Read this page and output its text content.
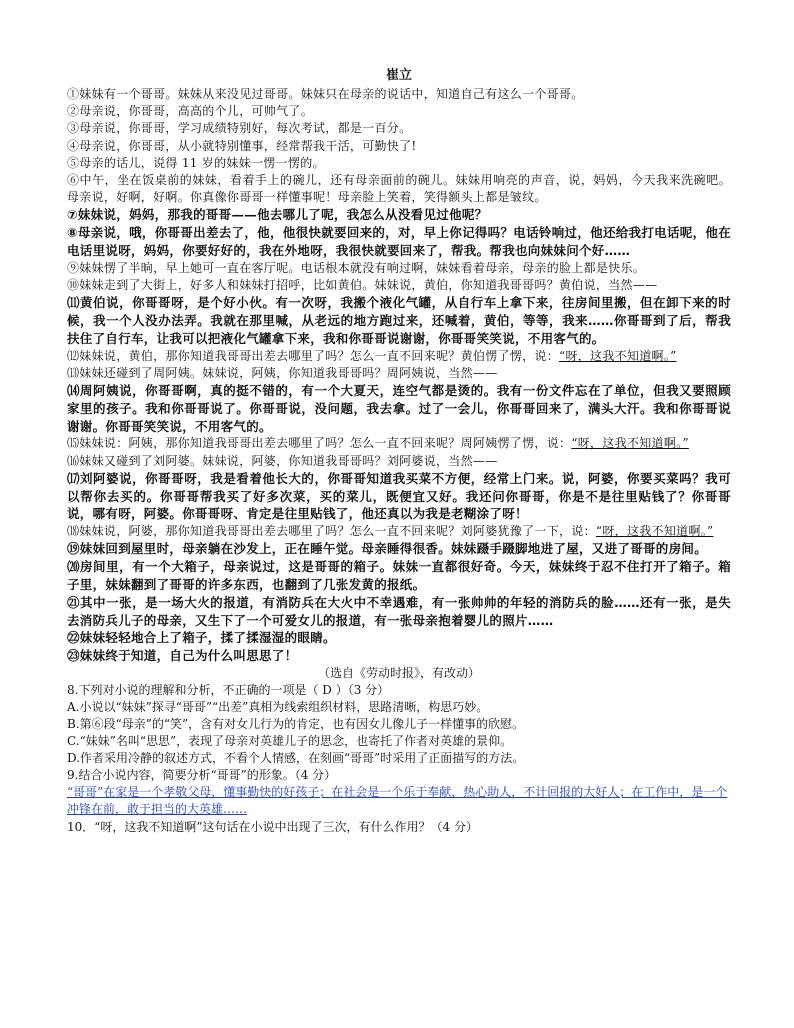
崔立
①妹妹有一个哥哥。妹妹从来没见过哥哥。妹妹只在母亲的说话中，知道自己有这么一个哥哥。
②母亲说，你哥哥，高高的个儿，可帅气了。
③母亲说，你哥哥，学习成绩特别好，每次考试，都是一百分。
④母亲说，你哥哥，从小就特别懂事，经常帮我干活，可勤快了!
⑤母亲的话儿，说得 11 岁的妹妹一愣一愣的。
⑥中午，坐在饭桌前的妹妹，看着手上的碗儿，还有母亲面前的碗儿。妹妹用响亮的声音，说，妈妈，今天我来洗碗吧。母亲说，好啊，好啊。你真像你哥哥一样懂事呢！母亲脸上笑着，笑得额头上都是皱纹。
⑦妹妹说，妈妈，那我的哥哥——他去哪儿了呢，我怎么从没看见过他呢？
⑧母亲说，哦，你哥哥出差去了，他，他很快就要回来的，对，早上你记得吗？电话铃响过，他还给我打电话呢，他在电话里说呀，妈妈，你要好好的，我在外地呀，我很快就要回来了，帮我。帮我也向妹妹问个好……
⑨妹妹愣了半晌，早上她可一直在客厅呢。电话根本就没有响过啊，妹妹看着母亲，母亲的脸上都是快乐。
⑩妹妹走到了大街上，好多人和妹妹打招呼，比如黄伯。妹妹说，黄伯，你知道我哥哥吗？黄伯说，当然——
⑾黄伯说，你哥哥呀，是个好小伙。有一次呀，我搬个液化气罐，从自行车上拿下来，往房间里搬，但在卸下来的时候，我一个人没办法弄。我就在那里喊，从老远的地方跑过来，还喊着，黄伯，等等，我来……你哥哥到了后，帮我扶住了自行车，让我可以把液化气罐拿下来，我和你哥哥说谢谢，你哥哥笑笑说，不用客气的。
⑿妹妹说，黄伯，那你知道我哥哥出差去哪里了吗？怎么一直不回来呢？黄伯愣了愣，说：“呀，这我不知道啊。”
⒀妹妹还碰到了周阿姨。妹妹说，阿姨，你知道我哥哥吗？周阿姨说，当然——
⒁周阿姨说，你哥哥啊，真的挺不错的，有一个大夏天，连空气都是烫的。我有一份文件忘在了单位，但我又要照顾家里的孩子。我和你哥哥说了。你哥哥说，没问题，我去拿。过了一会儿，你哥哥回来了，满头大汗。我和你哥哥说谢谢。你哥哥笑笑说，不用客气的。
⒂妹妹说：阿姨，那你知道我哥哥出差去哪里了吗？怎么一直不回来呢？周阿姨愣了愣，说：“呀，这我不知道啊。”
⒃妹妹又碰到了刘阿婆。妹妹说，阿婆，你知道我哥哥吗？刘阿婆说，当然——
⒄刘阿婆说，你哥哥呀，我是看着他长大的，你哥哥知道我买菜不方便，经常上门来。说，阿婆，你要买菜吗？我可以帮你去买的。你哥哥帮我买了好多次菜，买的菜儿，既便宜又好。我还问你哥哥，你是不是往里贴钱了？你哥哥说，哪有呀，阿婆。你哥哥呀、肯定是往里贴钱了，他还真以为我是老糊涂了呀！
⒅妹妹说，阿婆，那你知道我哥哥出差去哪里了吗？怎么一直不回来呢？刘阿婆犹豫了一下，说：“呀，这我不知道啊。”
⑲妹妹回到屋里时，母亲躺在沙发上，正在睡午觉。母亲睡得很香。妹妹蹑手蹑脚地进了屋，又进了哥哥的房间。
⒇房间里，有一个大箱子，母亲说过，这是哥哥的箱子。妹妹一直都很好奇。今天，妹妹终于忍不住打开了箱子。箱子里，妹妹翻到了哥哥的许多东西，也翻到了几张发黄的报纸。
㉑其中一张，是一场大火的报道，有消防兵在大火中不幸遇难，有一张帅帅的年轻的消防兵的脸……还有一张，是失去消防兵儿子的母亲，又生下了一个可爱女儿的报道，有一张母亲抱着婴儿的照片……
㉒妹妹轻轻地合上了箱子，揉了揉湿湿的眼睛。
㉓妹妹终于知道，自己为什么叫思思了！
（选自《劳动时报》，有改动）
8.下列对小说的理解和分析，不正确的一项是（ D ）（3 分）
A.小说以“妹妹”探寻“哥哥”“出差”真相为线索组织材料，思路清晰，构思巧妙。
B.第⑥段“母亲”的“笑”，含有对女儿行为的肯定，也有因女儿像儿子一样懂事的欣慰。
C.“妹妹”名叫“思思”，表现了母亲对英雄儿子的思念，也寄托了作者对英雄的景仰。
D.作者采用冷静的叙述方式，不看个人情感，在刻画“哥哥”时采用了正面描写的方法。
9.结合小说内容，简要分析“哥哥”的形象。（4 分）
“哥哥”在家是一个孝敬父母，懂事勤快的好孩子；在社会是一个乐于奉献，热心助人，不计回报的大好人；在工作中，是一个冲锋在前，敢于担当的大英雄……
10．“呀，这我不知道啊”这句话在小说中出现了三次，有什么作用？（4 分）
